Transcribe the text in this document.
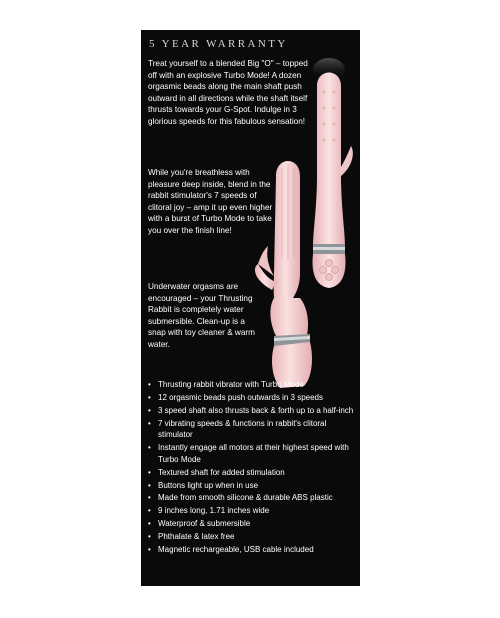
5 YEAR WARRANTY

Treat yourself to a blended Big "O" – topped off with an explosive Turbo Mode! A dozen orgasmic beads along the main shaft push outward in all directions while the shaft itself thrusts towards your G-Spot. Indulge in 3 glorious speeds for this fabulous sensation!

While you're breathless with pleasure deep inside, blend in the rabbit stimulator's 7 speeds of clitoral joy – amp it up even higher with a burst of Turbo Mode to take you over the finish line!

Underwater orgasms are encouraged – your Thrusting Rabbit is completely water submersible. Clean-up is a snap with toy cleaner & warm water.

• Thrusting rabbit vibrator with Turbo Mode
• 12 orgasmic beads push outwards in 3 speeds
• 3 speed shaft also thrusts back & forth up to a half-inch
• 7 vibrating speeds & functions in rabbit's clitoral stimulator
• Instantly engage all motors at their highest speed with Turbo Mode
• Textured shaft for added stimulation
• Buttons light up when in use
• Made from smooth silicone & durable ABS plastic
• 9 inches long, 1.71 inches wide
• Waterproof & submersible
• Phthalate & latex free
• Magnetic rechargeable, USB cable included
